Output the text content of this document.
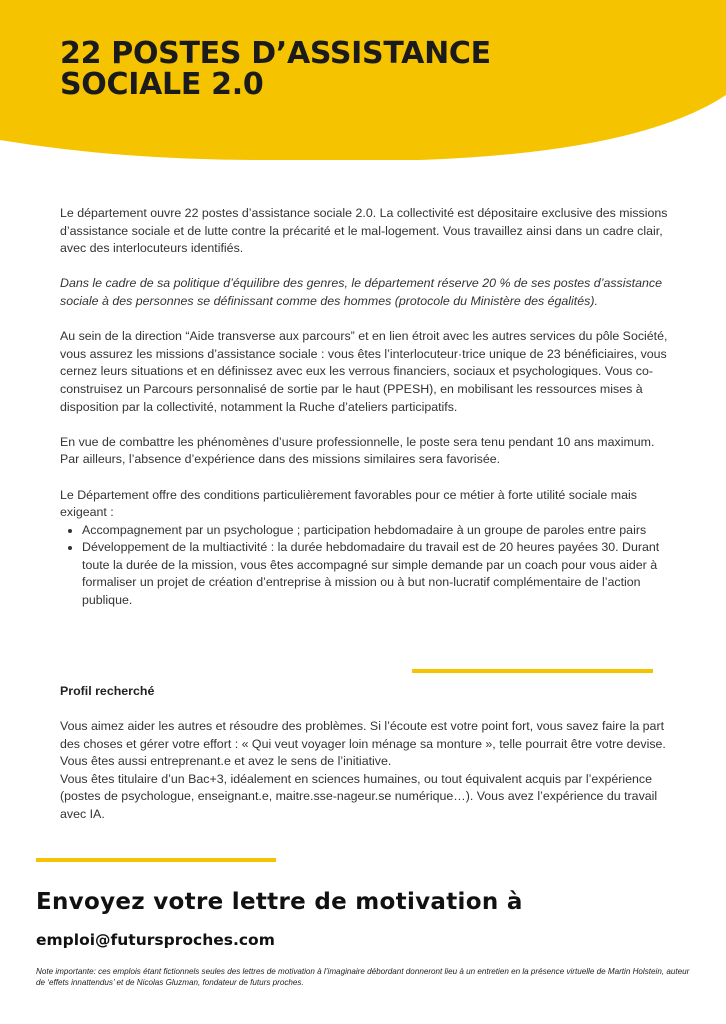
22 POSTES D’ASSISTANCE
SOCIALE 2.0

Le département ouvre 22 postes d’assistance sociale 2.0. La collectivité est dépositaire exclusive des missions d’assistance sociale et de lutte contre la précarité et le mal-logement. Vous travaillez ainsi dans un cadre clair, avec des interlocuteurs identifiés.

Dans le cadre de sa politique d’équilibre des genres, le département réserve 20 % de ses postes d’assistance sociale à des personnes se définissant comme des hommes (protocole du Ministère des égalités).

Au sein de la direction “Aide transverse aux parcours” et en lien étroit avec les autres services du pôle Société, vous assurez les missions d’assistance sociale : vous êtes l’interlocuteur·trice unique de 23 bénéficiaires, vous cernez leurs situations et en définissez avec eux les verrous financiers, sociaux et psychologiques. Vous co-construisez un Parcours personnalisé de sortie par le haut (PPESH), en mobilisant les ressources mises à disposition par la collectivité, notamment la Ruche d’ateliers participatifs.

En vue de combattre les phénomènes d’usure professionnelle, le poste sera tenu pendant 10 ans maximum. Par ailleurs, l’absence d’expérience dans des missions similaires sera favorisée.

Le Département offre des conditions particulièrement favorables pour ce métier à forte utilité sociale mais exigeant :

• Accompagnement par un psychologue ; participation hebdomadaire à un groupe de paroles entre pairs
• Développement de la multiactivité : la durée hebdomadaire du travail est de 20 heures payées 30. Durant toute la durée de la mission, vous êtes accompagné sur simple demande par un coach pour vous aider à formaliser un projet de création d’entreprise à mission ou à but non-lucratif complémentaire de l’action publique.
Profil recherché

Vous aimez aider les autres et résoudre des problèmes. Si l’écoute est votre point fort, vous savez faire la part des choses et gérer votre effort : « Qui veut voyager loin ménage sa monture », telle pourrait être votre devise. Vous êtes aussi entreprenant.e et avez le sens de l’initiative.

Vous êtes titulaire d’un Bac+3, idéalement en sciences humaines, ou tout équivalent acquis par l’expérience (postes de psychologue, enseignant.e, maitre.sse-nageur.se numérique…). Vous avez l’expérience du travail avec IA.

Envoyez votre lettre de motivation à

emploi@futursproches.com

Note importante: ces emplois étant fictionnels seules des lettres de motivation à l’imaginaire débordant donneront lieu à un entretien en la présence virtuelle de Martin Holstein, auteur de ‘effets innattendus’ et de Nicolas Gluzman, fondateur de futurs proches.
